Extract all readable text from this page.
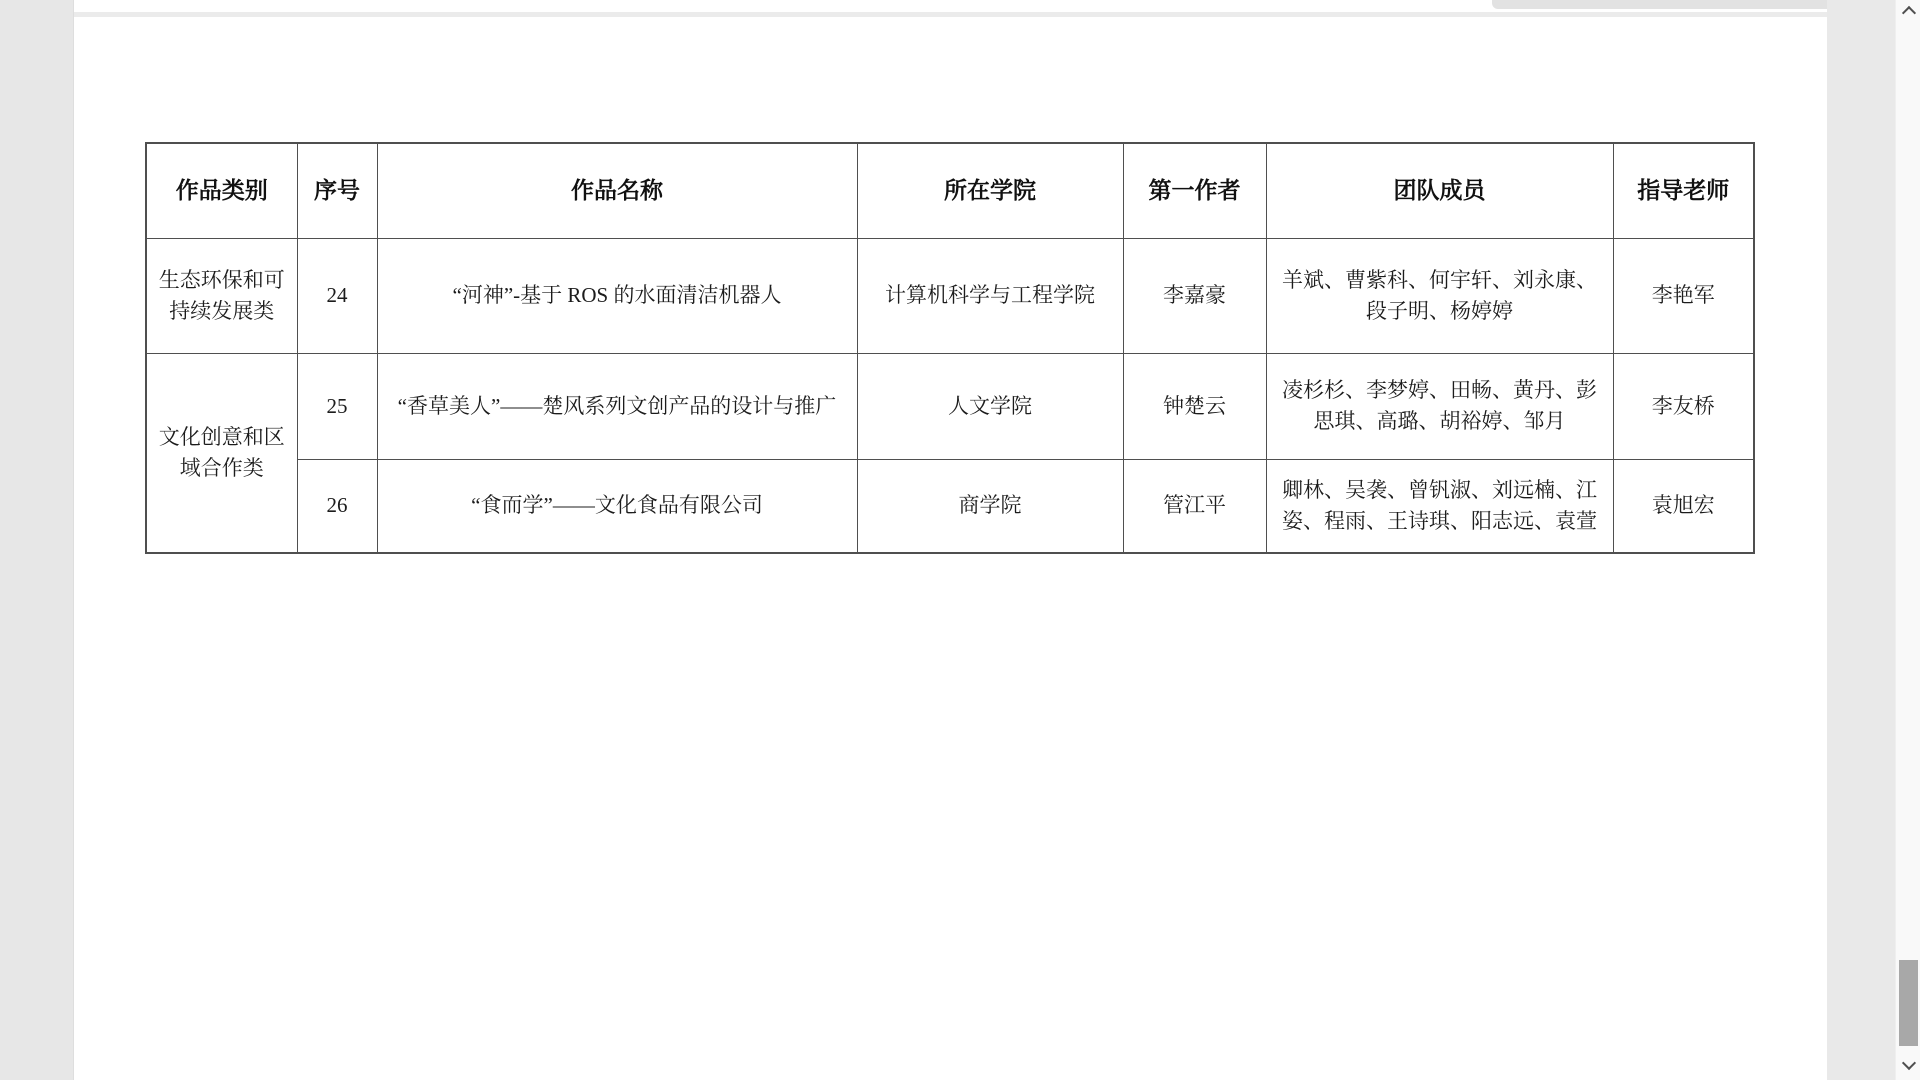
作品类别	序号	作品名称	所在学院	第一作者	团队成员	指导老师
生态环保和可持续发展类	24	“河神”-基于 ROS 的水面清洁机器人	计算机科学与工程学院	李嘉豪	羊斌、曹紫科、何宇轩、刘永康、段子明、杨婷婷	李艳军
文化创意和区域合作类	25	“香草美人”——楚风系列文创产品的设计与推广	人文学院	钟楚云	凌杉杉、李梦婷、田畅、黄丹、彭思琪、高璐、胡裕婷、邹月	李友桥
	26	“食而学”——文化食品有限公司	商学院	管江平	卿林、吴袭、曾钒淑、刘远楠、江姿、程雨、王诗琪、阳志远、袁萱	袁旭宏
